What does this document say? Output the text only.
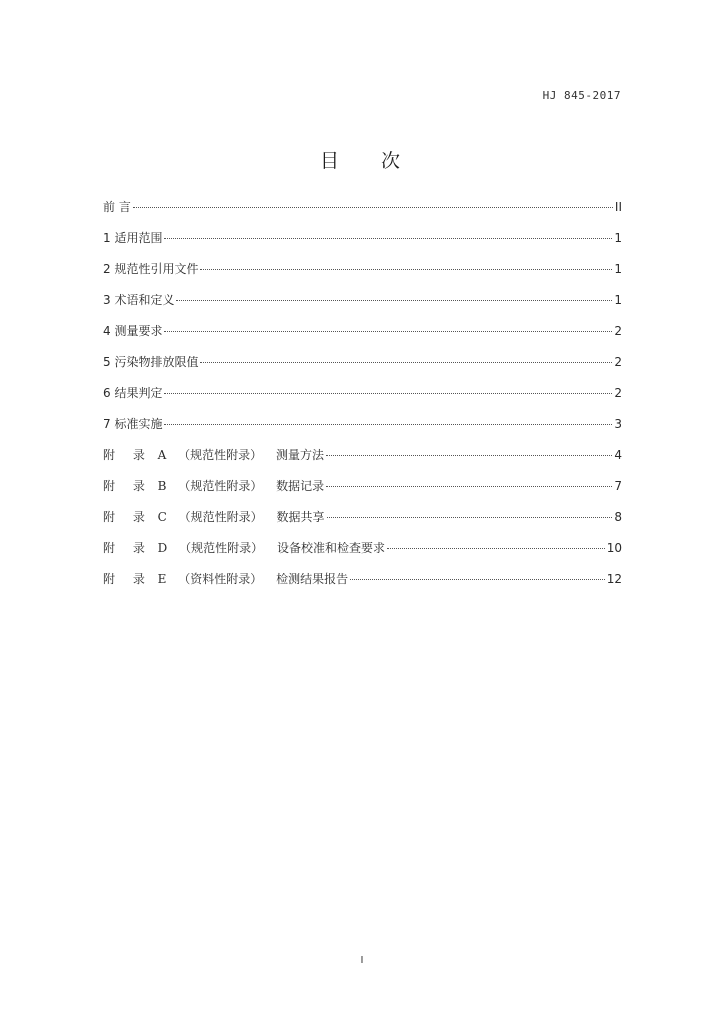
HJ 845-2017
目 次
前 言	II
1 适用范围	1
2 规范性引用文件	1
3 术语和定义	1
4 测量要求	2
5 污染物排放限值	2
6 结果判定	2
7 标准实施	3
附 录 A （规范性附录） 测量方法	4
附 录 B （规范性附录） 数据记录	7
附 录 C （规范性附录） 数据共享	8
附 录 D （规范性附录） 设备校准和检查要求	10
附 录 E （资料性附录） 检测结果报告	12
I
